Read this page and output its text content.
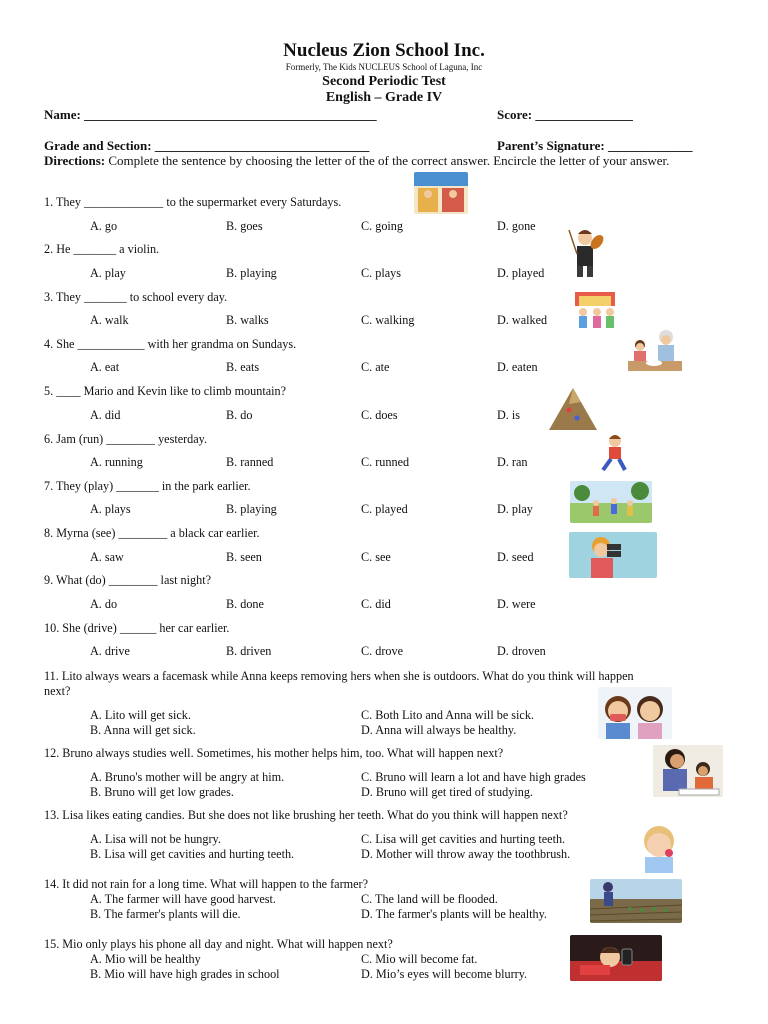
Nucleus Zion School Inc.
Formerly, The Kids NUCLEUS School of Laguna, Inc
Second Periodic Test
English – Grade IV
Name: _____________________________________________	Score: _______________
Grade and Section: _________________________________	Parent’s Signature: _____________
Directions: Complete the sentence by choosing the letter of the of the correct answer. Encircle the letter of your answer.
1. They _____________ to the supermarket every Saturdays.
A. go	B. goes	C. going	D. gone
2. He _______ a violin.
A. play	B. playing	C. plays	D. played
3. They _______ to school every day.
A. walk	B. walks	C. walking	D. walked
4. She ___________ with her grandma on Sundays.
A. eat	B. eats	C. ate	D. eaten
5. ____ Mario and Kevin like to climb mountain?
A. did	B. do	C. does	D. is
6. Jam (run) ________ yesterday.
A. running	B. ranned	C. runned	D. ran
7. They (play) _______ in the park earlier.
A. plays	B. playing	C. played	D. play
8. Myrna (see) ________ a black car earlier.
A. saw	B. seen	C. see	D. seed
9. What (do) ________ last night?
A. do	B. done	C. did	D. were
10. She (drive) ______ her car earlier.
A. drive	B. driven	C. drove	D. droven
11. Lito always wears a facemask while Anna keeps removing hers when she is outdoors. What do you think will happen
next?
A. Lito will get sick.
B. Anna will get sick.
C. Both Lito and Anna will be sick.
D. Anna will always be healthy.
12. Bruno always studies well. Sometimes, his mother helps him, too. What will happen next?
A. Bruno's mother will be angry at him.
B. Bruno will get low grades.
C. Bruno will learn a lot and have high grades
D. Bruno will get tired of studying.
13. Lisa likes eating candies. But she does not like brushing her teeth. What do you think will happen next?
A. Lisa will not be hungry.
B. Lisa will get cavities and hurting teeth.
C. Lisa will get cavities and hurting teeth.
D. Mother will throw away the toothbrush.
14. It did not rain for a long time. What will happen to the farmer?
A. The farmer will have good harvest.
B. The farmer's plants will die.
C. The land will be flooded.
D. The farmer's plants will be healthy.
15. Mio only plays his phone all day and night. What will happen next?
A. Mio will be healthy
B. Mio will have high grades in school
C. Mio will become fat.
D. Mio’s eyes will become blurry.
